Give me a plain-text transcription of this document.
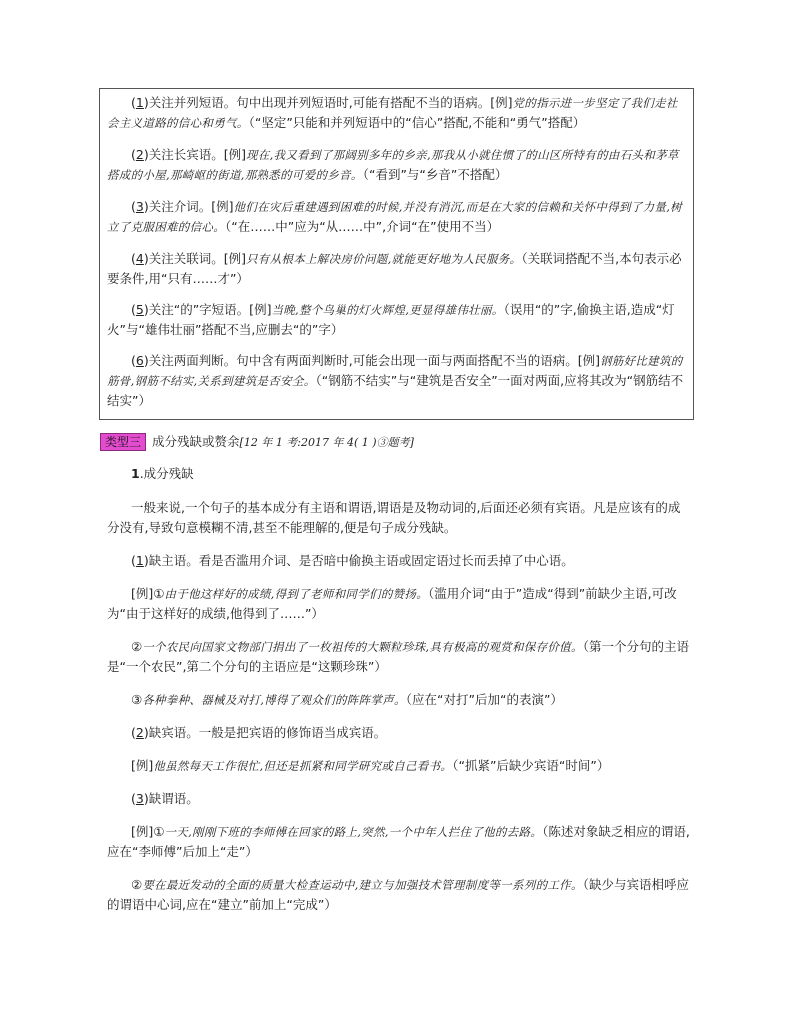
(1)关注并列短语。句中出现并列短语时,可能有搭配不当的语病。[例]党的指示进一步坚定了我们走社会主义道路的信心和勇气。（“坚定”只能和并列短语中的“信心”搭配,不能和“勇气”搭配）

(2)关注长宾语。[例]现在,我又看到了那阔别多年的乡亲,那我从小就住惯了的山区所特有的由石头和茅草搭成的小屋,那崎岖的街道,那熟悉的可爱的乡音。（“看到”与“乡音”不搭配）

(3)关注介词。[例]他们在灾后重建遇到困难的时候,并没有消沉,而是在大家的信赖和关怀中得到了力量,树立了克服困难的信心。（“在……中”应为“从……中”,介词“在”使用不当）

(4)关注关联词。[例]只有从根本上解决房价问题,就能更好地为人民服务。（关联词搭配不当,本句表示必要条件,用“只有……才”）

(5)关注“的”字短语。[例]当晚,整个鸟巢的灯火辉煌,更显得雄伟壮丽。（误用“的”字,偷换主语,造成“灯火”与“雄伟壮丽”搭配不当,应删去“的”字）

(6)关注两面判断。句中含有两面判断时,可能会出现一面与两面搭配不当的语病。[例]钢筋好比建筑的筋骨,钢筋不结实,关系到建筑是否安全。（“钢筋不结实”与“建筑是否安全”一面对两面,应将其改为“钢筋结不结实”）

类型三 成分残缺或赘余[12 年 1 考:2017 年 4( 1 )③题考]

1.成分残缺

一般来说,一个句子的基本成分有主语和谓语,谓语是及物动词的,后面还必须有宾语。凡是应该有的成分没有,导致句意模糊不清,甚至不能理解的,便是句子成分残缺。

(1)缺主语。看是否滥用介词、是否暗中偷换主语或固定语过长而丢掉了中心语。

[例]①由于他这样好的成绩,得到了老师和同学们的赞扬。（滥用介词“由于”造成“得到”前缺少主语,可改为“由于这样好的成绩,他得到了……”）

②一个农民向国家文物部门捐出了一枚祖传的大颗粒珍珠,具有极高的观赏和保存价值。（第一个分句的主语是“一个农民”,第二个分句的主语应是“这颗珍珠”）

③各种拳种、器械及对打,博得了观众们的阵阵掌声。（应在“对打”后加“的表演”）

(2)缺宾语。一般是把宾语的修饰语当成宾语。

[例]他虽然每天工作很忙,但还是抓紧和同学研究或自己看书。（“抓紧”后缺少宾语“时间”）

(3)缺谓语。

[例]①一天,刚刚下班的李师傅在回家的路上,突然,一个中年人拦住了他的去路。（陈述对象缺乏相应的谓语,应在“李师傅”后加上“走”）

②要在最近发动的全面的质量大检查运动中,建立与加强技术管理制度等一系列的工作。（缺少与宾语相呼应的谓语中心词,应在“建立”前加上“完成”）
